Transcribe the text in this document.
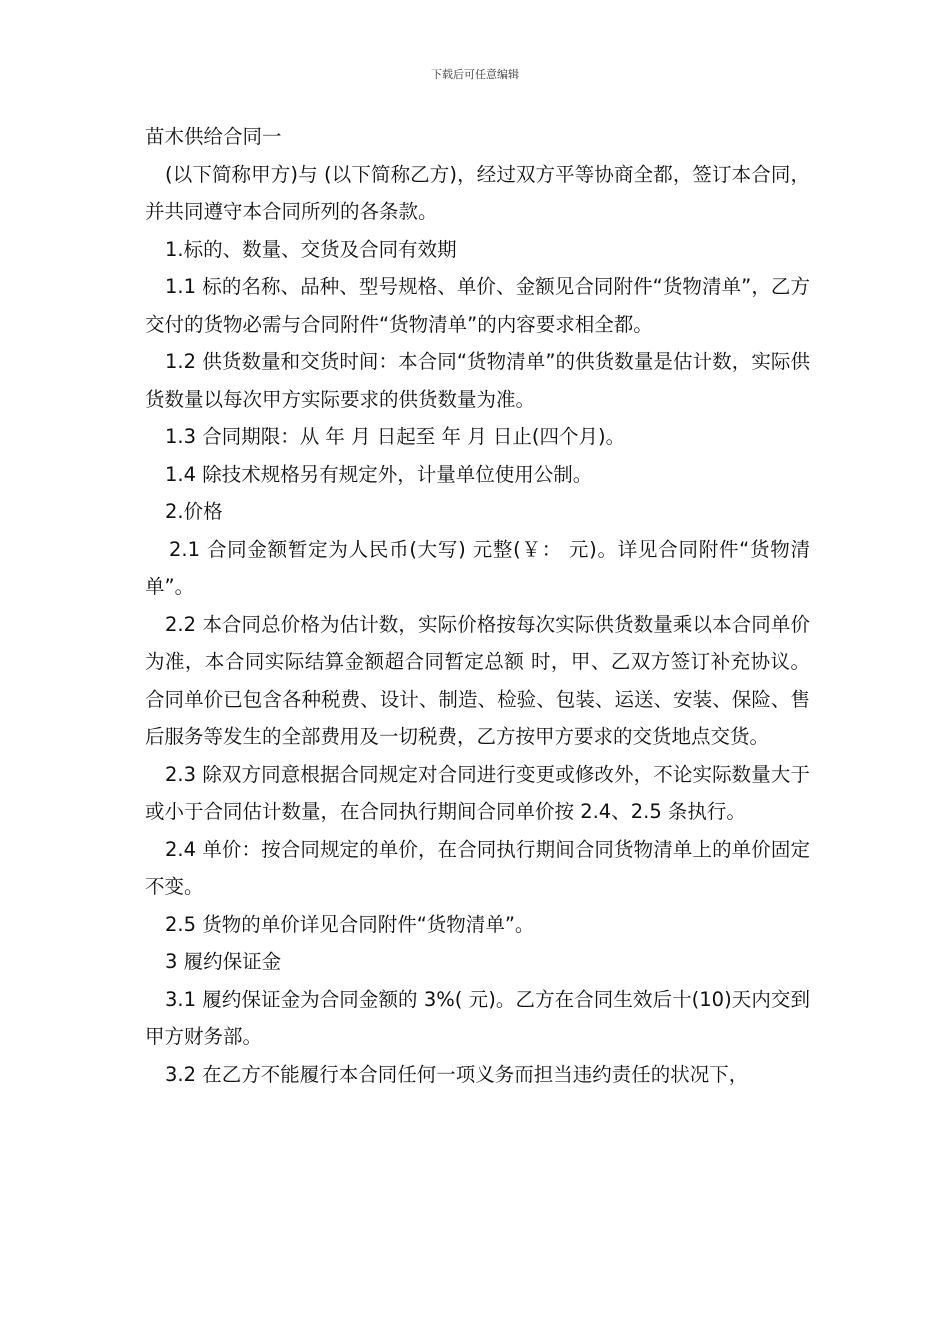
下载后可任意编辑

苗木供给合同一

(以下简称甲方)与 (以下简称乙方)，经过双方平等协商全都，签订本合同，并共同遵守本合同所列的各条款。

1.标的、数量、交货及合同有效期

1.1 标的名称、品种、型号规格、单价、金额见合同附件“货物清单”，乙方交付的货物必需与合同附件“货物清单”的内容要求相全都。

1.2 供货数量和交货时间：本合同“货物清单”的供货数量是估计数，实际供货数量以每次甲方实际要求的供货数量为准。

1.3 合同期限：从 年 月 日起至 年 月 日止(四个月)。

1.4 除技术规格另有规定外，计量单位使用公制。

2.价格

2.1 合同金额暂定为人民币(大写) 元整(￥： 元)。详见合同附件“货物清单”。

2.2 本合同总价格为估计数，实际价格按每次实际供货数量乘以本合同单价为准，本合同实际结算金额超合同暂定总额 时，甲、乙双方签订补充协议。合同单价已包含各种税费、设计、制造、检验、包装、运送、安装、保险、售后服务等发生的全部费用及一切税费，乙方按甲方要求的交货地点交货。

2.3 除双方同意根据合同规定对合同进行变更或修改外，不论实际数量大于或小于合同估计数量，在合同执行期间合同单价按 2.4、2.5 条执行。

2.4 单价：按合同规定的单价，在合同执行期间合同货物清单上的单价固定不变。

2.5 货物的单价详见合同附件“货物清单”。

3 履约保证金

3.1 履约保证金为合同金额的 3%( 元)。乙方在合同生效后十(10)天内交到甲方财务部。

3.2 在乙方不能履行本合同任何一项义务而担当违约责任的状况下，
